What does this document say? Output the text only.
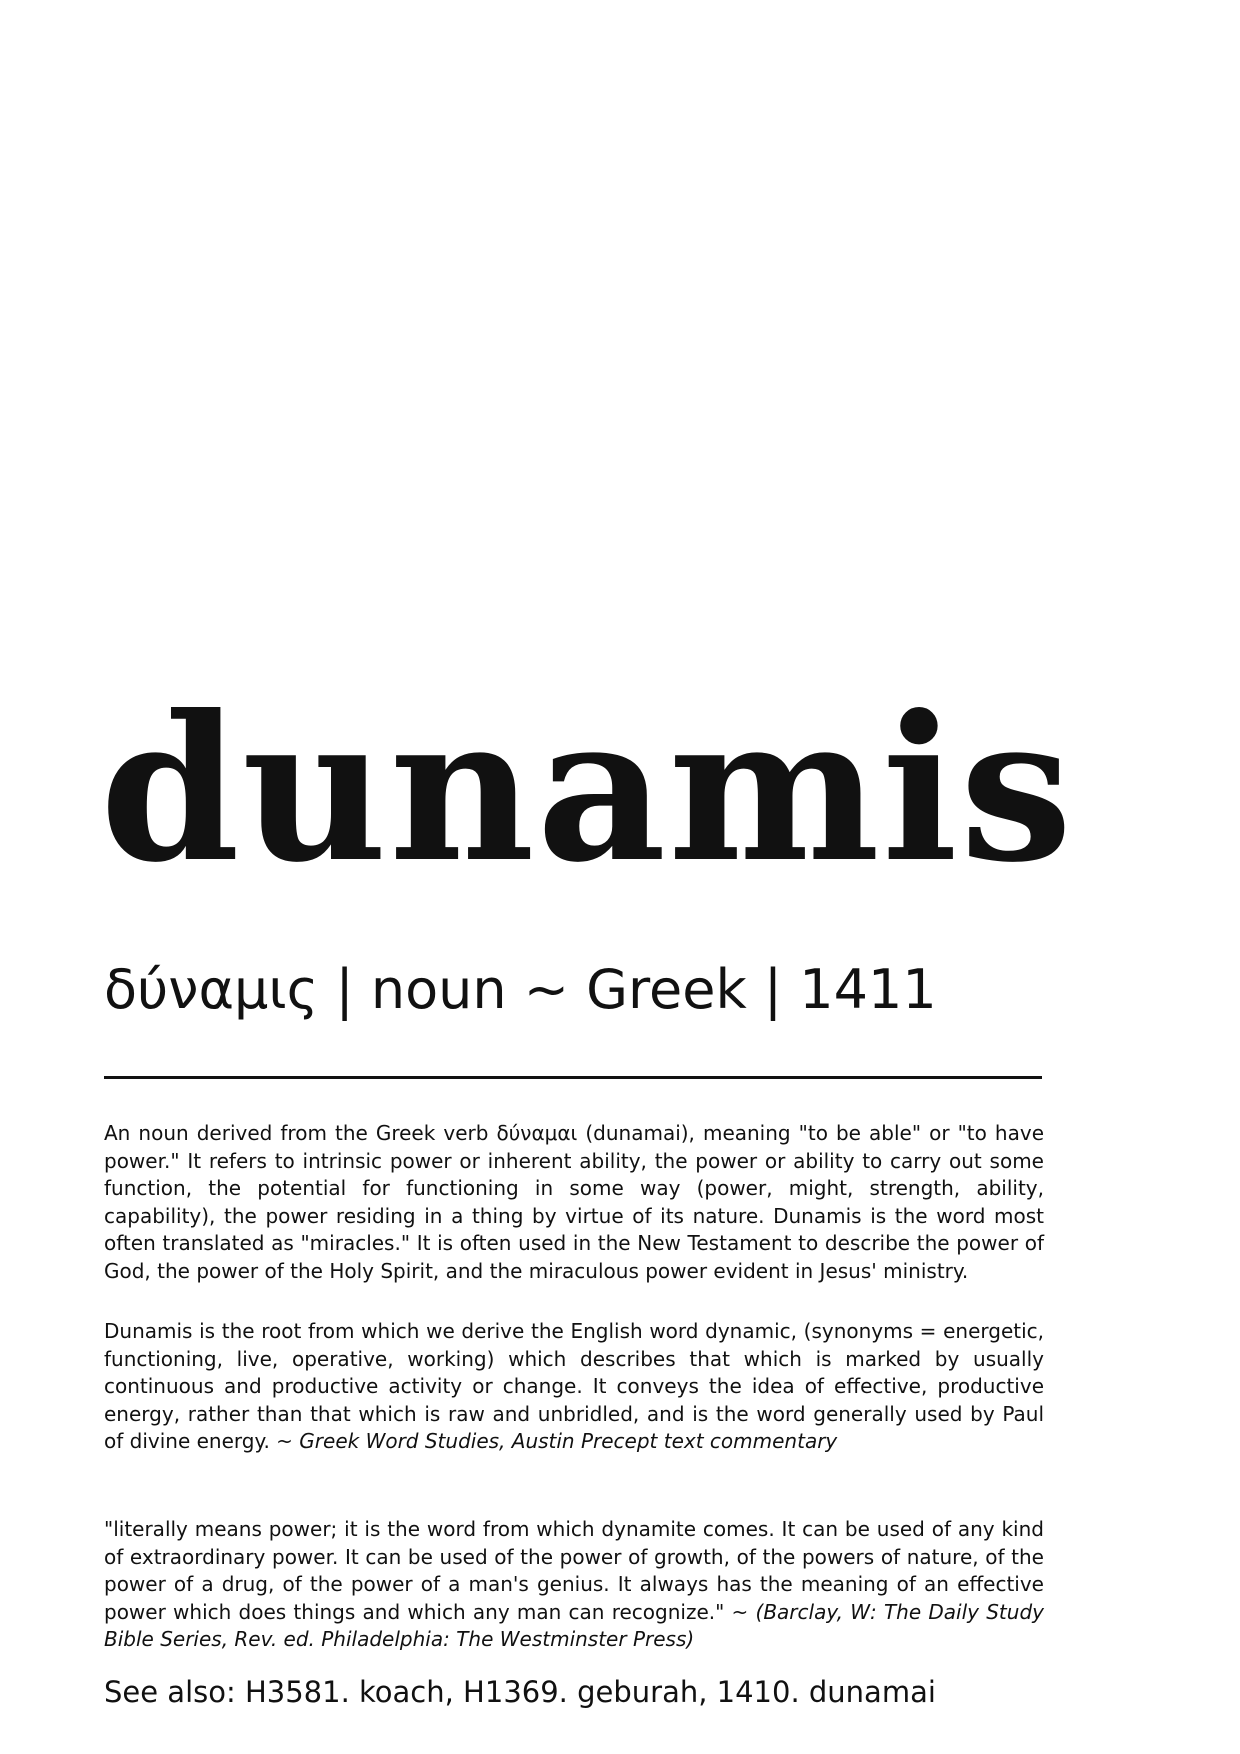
dunamis
δύναμις | noun ~ Greek | 1411

An noun derived from the Greek verb δύναμαι (dunamai), meaning "to be able" or "to have power." It refers to intrinsic power or inherent ability, the power or ability to carry out some function, the potential for functioning in some way (power, might, strength, ability, capability), the power residing in a thing by virtue of its nature. Dunamis is the word most often translated as "miracles." It is often used in the New Testament to describe the power of God, the power of the Holy Spirit, and the miraculous power evident in Jesus' ministry.

Dunamis is the root from which we derive the English word dynamic, (synonyms = energetic, functioning, live, operative, working) which describes that which is marked by usually continuous and productive activity or change. It conveys the idea of effective, productive energy, rather than that which is raw and unbridled, and is the word generally used by Paul of divine energy. ~ Greek Word Studies, Austin Precept text commentary

"literally means power; it is the word from which dynamite comes. It can be used of any kind of extraordinary power. It can be used of the power of growth, of the powers of nature, of the power of a drug, of the power of a man's genius. It always has the meaning of an effective power which does things and which any man can recognize." ~ (Barclay, W: The Daily Study Bible Series, Rev. ed. Philadelphia: The Westminster Press)

See also: H3581. koach, H1369. geburah, 1410. dunamai
